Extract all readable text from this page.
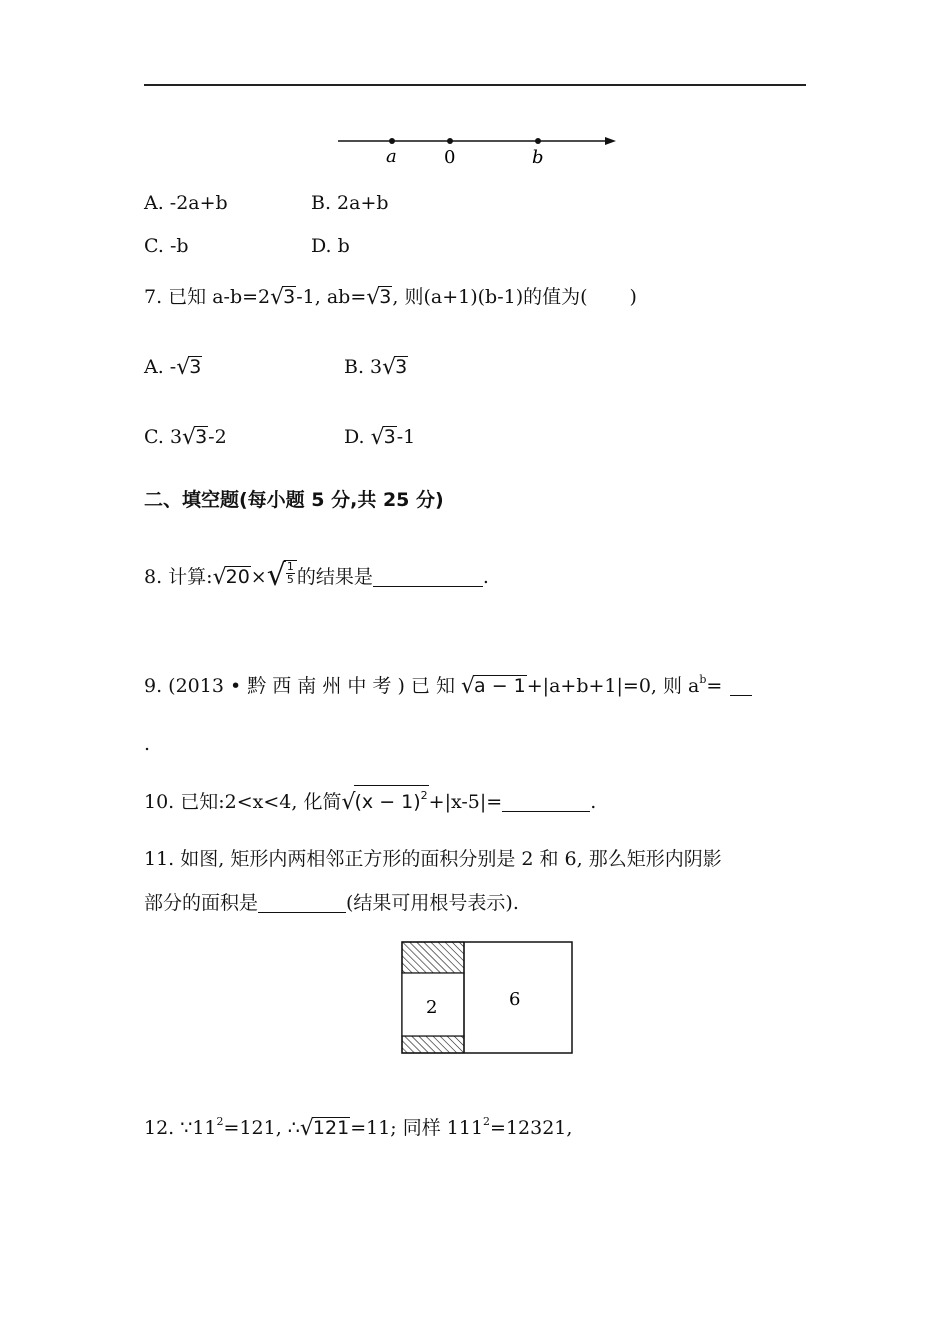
a	0	b
A. -2a+b	B. 2a+b
C. -b	D. b
7. 已知 a-b=2√3-1, ab=√3, 则(a+1)(b-1)的值为( )
A. -√3	B. 3√3
C. 3√3-2	D. √3-1
二、填空题(每小题 5 分,共 25 分)
8. 计算:√20×√ $\frac{1}{5}$ 的结果是	.
9. (2013 • 黔 西 南 州 中 考 ) 已 知 √a − 1+|a+b+1|=0, 则 $a^b=$
.
10. 已知:2<x<4, 化简$√(x - 1)^2+|x-5|=$	.
11. 如图, 矩形内两相邻正方形的面积分别是 2 和 6, 那么矩形内阴影
部分的面积是	(结果可用根号表示).
2	6
12. $\because 11^2=121$, ∴√121=11; 同样 $111^2=12321$,
